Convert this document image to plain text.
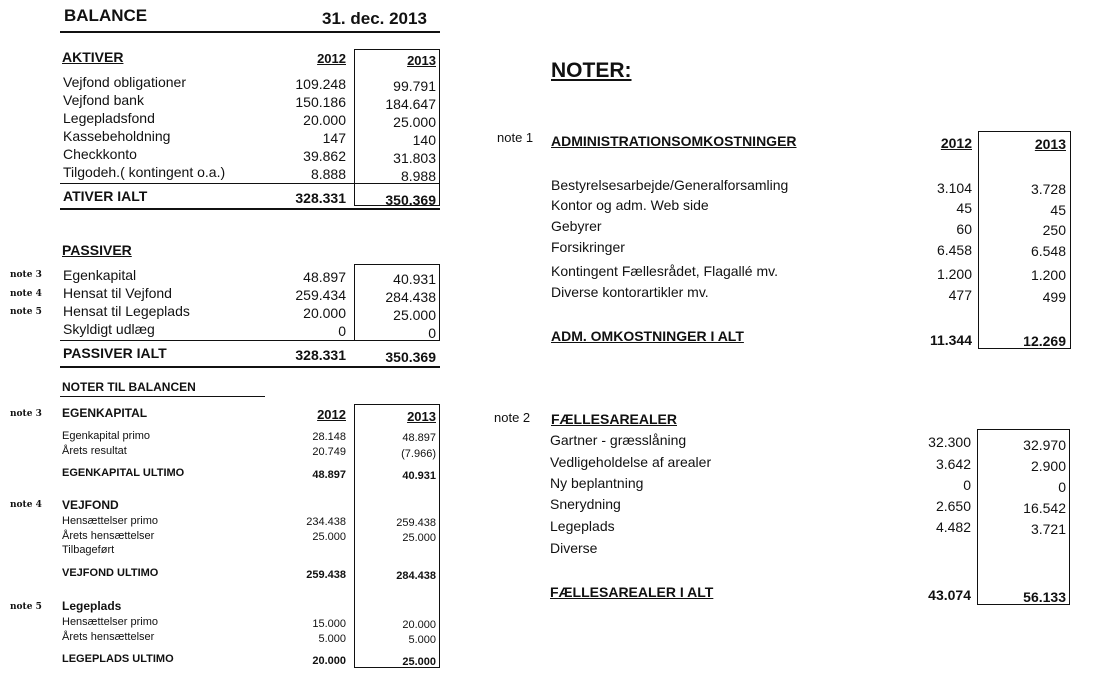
BALANCE	31. dec. 2013
AKTIVER	2012	2013
Vejfond obligationer	109.248	99.791
Vejfond bank	150.186	184.647
Legepladsfond	20.000	25.000
Kassebeholdning	147	140
Checkkonto	39.862	31.803
Tilgodeh.( kontingent o.a.)	8.888	8.988
ATIVER IALT	328.331	350.369
PASSIVER
note 3 Egenkapital	48.897	40.931
note 4 Hensat til Vejfond	259.434	284.438
note 5 Hensat til Legeplads	20.000	25.000
Skyldigt udlæg	0	0
PASSIVER IALT	328.331	350.369
NOTER TIL BALANCEN
2012	2013
note 3 EGENKAPITAL
Egenkapital primo	28.148	48.897
Årets resultat	20.749	(7.966)
EGENKAPITAL ULTIMO	48.897	40.931
note 4 VEJFOND
Hensættelser primo	234.438	259.438
Årets hensættelser	25.000	25.000
Tilbageført
VEJFOND ULTIMO	259.438	284.438
note 5 Legeplads
Hensættelser primo	15.000	20.000
Årets hensættelser	5.000	5.000
LEGEPLADS ULTIMO	20.000	25.000
NOTER:
note 1 ADMINISTRATIONSOMKOSTNINGER	2012	2013
Bestyrelsesarbejde/Generalforsamling	3.104	3.728
Kontor og adm. Web side	45	45
Gebyrer	60	250
Forsikringer	6.458	6.548
Kontingent Fællesrådet, Flagallé mv.	1.200	1.200
Diverse kontorartikler mv.	477	499
ADM. OMKOSTNINGER I ALT	11.344	12.269
note 2 FÆLLESAREALER
Gartner - græsslåning	32.300	32.970
Vedligeholdelse af arealer	3.642	2.900
Ny beplantning	0	0
Snerydning	2.650	16.542
Legeplads	4.482	3.721
Diverse
FÆLLESAREALER I ALT	43.074	56.133
